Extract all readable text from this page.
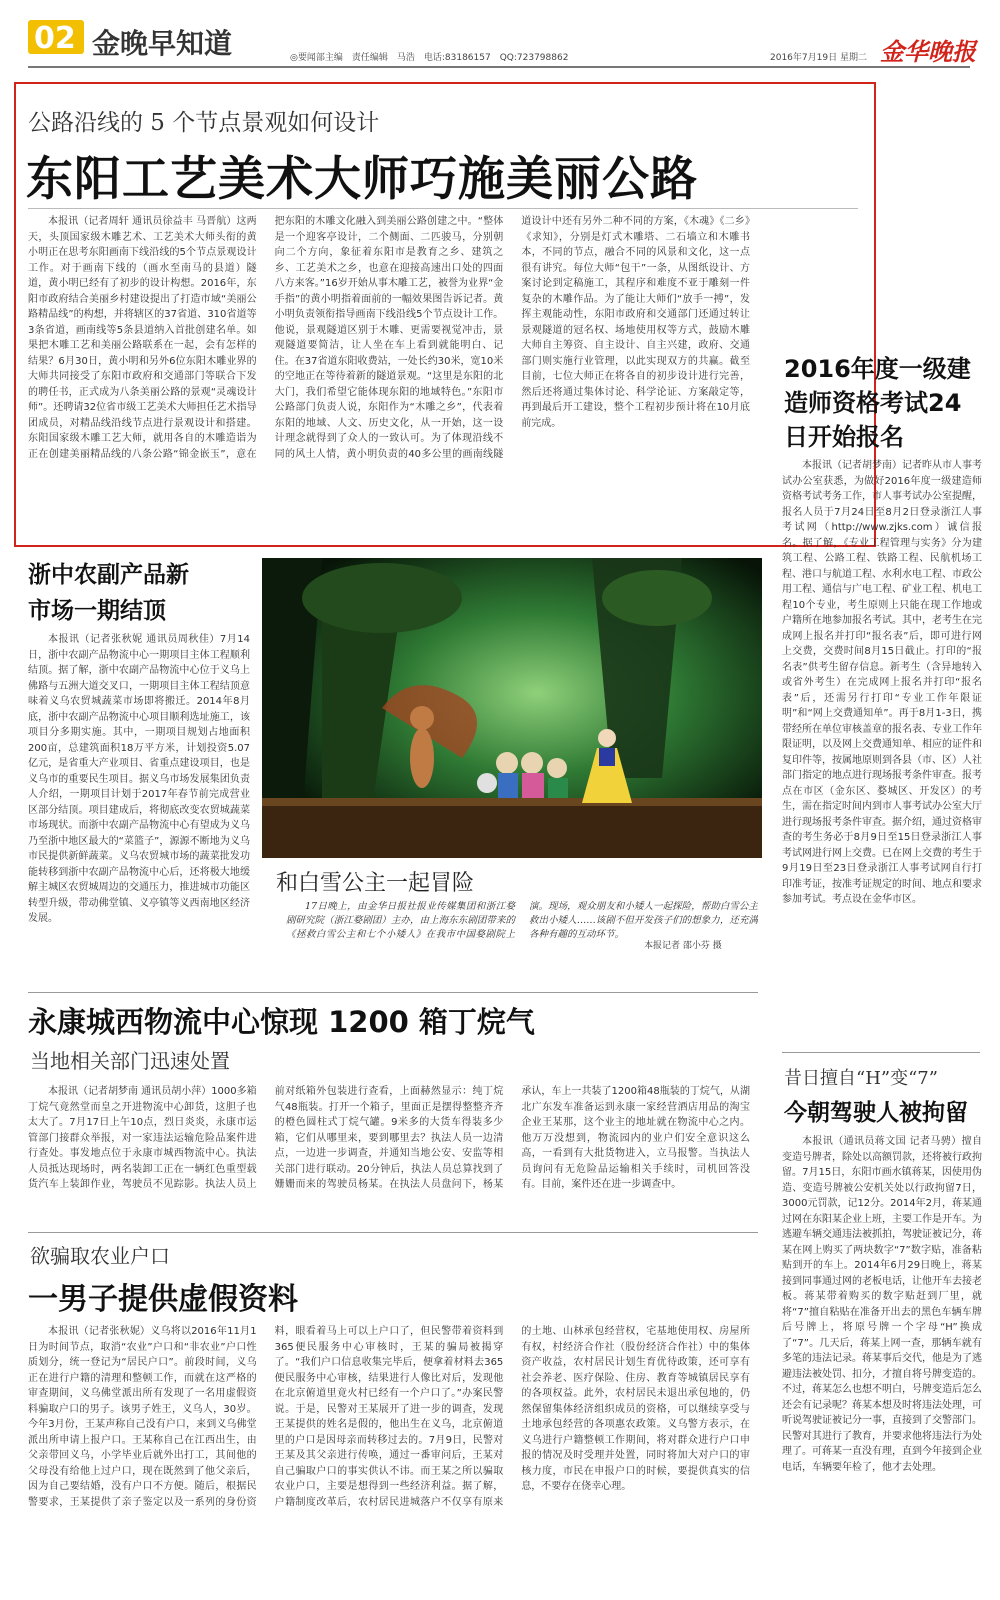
02 金晚早知道	◎要闻部主编　责任编辑　马浩　电话:83186157　QQ:723798862	2016年7月19日 星期二 金华晚报
公路沿线的 5 个节点景观如何设计
东阳工艺美术大师巧施美丽公路

本报讯（记者周轩 通讯员徐益丰 马晋航）这两天，头顶国家级木雕艺术、工艺美术大师头衔的黄小明正在思考东阳画南下线沿线的5个节点景观设计工作。对于画南下线的（画水至南马的县道）隧道，黄小明已经有了初步的设计构想。2016年，东阳市政府结合美丽乡村建设提出了打造市域“美丽公路精品线”的构想，并将辖区的37省道、310省道等3条省道，画南线等5条县道纳入首批创建名单。如果把木雕工艺和美丽公路联系在一起，会有怎样的结果？6月30日，黄小明和另外6位东阳木雕业界的大师共同接受了东阳市政府和交通部门等联合下发的聘任书，正式成为八条美丽公路的景观“灵魂设计师”。还聘请32位省市级工艺美术大师担任艺术指导团成员，对精品线沿线节点进行景观设计和搭建。东阳国家级木雕工艺大师，就用各自的木雕造诣为正在创建美丽精品线的八条公路“锦金嵌玉”，意在把东阳的木雕文化融入到美丽公路创建之中。“整体是一个迎客亭设计，二个侧面、二匹骏马，分别朝向二个方向，象征着东阳市是教育之乡、建筑之乡、工艺美术之乡，也意在迎接高速出口处的四面八方来客。”16岁开始从事木雕工艺，被誉为业界“金手指”的黄小明指着面前的一幅效果图告诉记者。黄小明负责领衔指导画南下线沿线5个节点设计工作。他说，景观隧道区别于木雕、更需要视觉冲击，景观隧道要简洁，让人坐在车上看到就能明白、记住。在37省道东阳收费站，一处长约30米，宽10米的空地正在等待着新的隧道景观。“这里是东阳的北大门，我们希望它能体现东阳的地域特色。”东阳市公路部门负责人说，东阳作为“木雕之乡”，代表着东阳的地域、人文、历史文化，从一开始，这一设计理念就得到了众人的一致认可。为了体现沿线不同的风土人情，黄小明负责的40多公里的画南线隧道设计中还有另外二种不同的方案，《木魂》《二乡》《求知》，分别是灯式木雕塔、二石墙立和木雕书本，不同的节点，融合不同的风景和文化，这一点很有讲究。每位大师“包干”一条，从图纸设计、方案讨论到定稿施工，其程序和难度不亚于雕刻一件复杂的木雕作品。为了能让大师们“放手一搏”，发挥主观能动性，东阳市政府和交通部门还通过转让景观隧道的冠名权、场地使用权等方式，鼓励木雕大师自主筹资、自主设计、自主兴建，政府、交通部门则实施行业管理，以此实现双方的共赢。截至目前，七位大师正在将各自的初步设计进行完善，然后还将通过集体讨论、科学论证、方案敲定等，再到最后开工建设，整个工程初步预计将在10月底前完成。

2016年度一级建造师资格考试24日开始报名

本报讯（记者胡梦南）记者昨从市人事考试办公室获悉，为做好2016年度一级建造师资格考试考务工作，市人事考试办公室提醒，报名人员于7月24日至8月2日登录浙江人事考试网（http://www.zjks.com）诚信报名。据了解，《专业工程管理与实务》分为建筑工程、公路工程、铁路工程、民航机场工程、港口与航道工程、水利水电工程、市政公用工程、通信与广电工程、矿业工程、机电工程10个专业，考生原则上只能在现工作地或户籍所在地参加报名考试。其中，老考生在完成网上报名并打印“报名表”后，即可进行网上交费，交费时间8月15日截止。打印的“报名表”供考生留存信息。新考生（含异地转入或省外考生）在完成网上报名并打印“报名表”后，还需另行打印“专业工作年限证明”和“网上交费通知单”。再于8月1-3日，携带经所在单位审核盖章的报名表、专业工作年限证明，以及网上交费通知单、相应的证件和复印件等，按属地原则到各县（市、区）人社部门指定的地点进行现场报考条件审查。报考点在市区（金东区、婺城区、开发区）的考生，需在指定时间内到市人事考试办公室大厅进行现场报考条件审查。据介绍，通过资格审查的考生务必于8月9日至15日登录浙江人事考试网进行网上交费。已在网上交费的考生于9月19日至23日登录浙江人事考试网自行打印准考证，按准考证规定的时间、地点和要求参加考试。考点设在金华市区。

浙中农副产品新市场一期结顶

本报讯（记者张秋妮 通讯员周秋佳）7月14日，浙中农副产品物流中心一期项目主体工程顺利结顶。据了解，浙中农副产品物流中心位于义乌上佛路与五洲大道交叉口，一期项目主体工程结顶意味着义乌农贸城蔬菜市场即将搬迁。2014年8月底，浙中农副产品物流中心项目顺利选址施工，该项目分多期实施。其中，一期项目规划占地面积200亩，总建筑面积18万平方米，计划投资5.07亿元，是省重大产业项目、省重点建设项目，也是义乌市的重要民生项目。据义乌市场发展集团负责人介绍，一期项目计划于2017年春节前完成营业区部分结顶。项目建成后，将彻底改变农贸城蔬菜市场现状。而浙中农副产品物流中心有望成为义乌乃至浙中地区最大的“菜篮子”，源源不断地为义乌市民提供新鲜蔬菜。义乌农贸城市场的蔬菜批发功能转移到浙中农副产品物流中心后，还将极大地缓解主城区农贸城周边的交通压力，推进城市功能区转型升级，带动佛堂镇、义亭镇等义西南地区经济发展。

和白雪公主一起冒险

17日晚上，由金华日报社报业传媒集团和浙江婺剧研究院（浙江婺剧团）主办，由上海东东剧团带来的《拯救白雪公主和七个小矮人》在我市中国婺剧院上演。现场，观众朋友和小矮人一起探险，帮助白雪公主救出小矮人……该剧不但开发孩子们的想象力，还充满各种有趣的互动环节。

本报记者 邵小芬 摄
永康城西物流中心惊现 1200 箱丁烷气
当地相关部门迅速处置

本报讯（记者胡梦南 通讯员胡小萍）1000多箱丁烷气竟然堂而皇之开进物流中心卸货，这胆子也太大了。7月17日上午10点，烈日炎炎，永康市运管部门接群众举报，对一家违法运输危险品案件进行查处。事发地点位于永康市城西物流中心。执法人员抵达现场时，两名装卸工正在一辆红色重型载货汽车上装卸作业，驾驶员不见踪影。执法人员上前对纸箱外包装进行查看，上面赫然显示：纯丁烷气48瓶装。打开一个箱子，里面正是摆得整整齐齐的橙色圆柱式丁烷气罐。9米多的大货车得装多少箱，它们从哪里来，要到哪里去？执法人员一边清点，一边进一步调查，并通知当地公安、安监等相关部门进行联动。20分钟后，执法人员总算找到了姗姗而来的驾驶员杨某。在执法人员盘问下，杨某承认，车上一共装了1200箱48瓶装的丁烷气，从湖北广东发车准备运到永康一家经营酒店用品的淘宝企业王某那，这个业主的地址就在物流中心之内。他万万没想到，物流园内的业户们安全意识这么高，一看到有大批货物进入，立马报警。当执法人员询问有无危险品运输相关手续时，司机回答没有。目前，案件还在进一步调查中。

欲骗取农业户口
一男子提供虚假资料

本报讯（记者张秋妮）义乌将以2016年11月1日为时间节点，取消“农业”户口和“非农业”户口性质划分，统一登记为“居民户口”。前段时间，义乌正在进行户籍的清理和整顿工作，而就在这严格的审查期间，义乌佛堂派出所有发现了一名用虚假资料骗取户口的男子。该男子姓王，义乌人，30岁。今年3月份，王某声称自己没有户口，来到义乌佛堂派出所申请上报户口。王某称自己在江西出生，由父亲带回义乌，小学毕业后就外出打工，其间他的父母没有给他上过户口，现在既然到了他父亲后，因为自己要结婚，没有户口不方便。随后，根据民警要求，王某提供了亲子鉴定以及一系列的身份资料，眼看着马上可以上户口了，但民警带着资料到365便民服务中心审核时，王某的骗局被揭穿了。“我们户口信息收集完毕后，便拿着材料去365便民服务中心审核，结果进行人像比对后，发现他在北京俯道里竟火村已经有一个户口了。”办案民警说。于是，民警对王某展开了进一步的调查，发现王某提供的姓名是假的，他出生在义乌，北京俯道里的户口是因母亲而转移过去的。7月9日，民警对王某及其父亲进行传唤，通过一番审问后，王某对自己骗取户口的事实供认不讳。而王某之所以骗取农业户口，主要是想得到一些经济利益。据了解，户籍制度改革后，农村居民进城落户不仅享有原来的土地、山林承包经营权，宅基地使用权、房屋所有权，村经济合作社（股份经济合作社）中的集体资产收益，农村居民计划生育优待政策，还可享有社会养老、医疗保险、住房、教育等城镇居民享有的各项权益。此外，农村居民未退出承包地的，仍然保留集体经济组织成员的资格，可以继续享受与土地承包经营的各项惠农政策。义乌警方表示，在义乌进行户籍整顿工作期间，将对群众进行户口申报的情况及时受理并处置，同时将加大对户口的审核力度，市民在申报户口的时候，要提供真实的信息，不要存在侥幸心理。

昔日擅自“H”变“7”
今朝驾驶人被拘留

本报讯（通讯员蒋文国 记者马骋）擅自变造号牌者，除处以高额罚款，还将被行政拘留。7月15日，东阳市画水镇蒋某，因使用伪造、变造号牌被公安机关处以行政拘留7日，3000元罚款，记12分。2014年2月，蒋某通过网在东阳某企业上班，主要工作是开车。为逃避车辆交通违法被抓拍，驾驶证被记分，蒋某在网上购买了两块数字“7”数字贴，准备粘贴到开的车上。2014年6月29日晚上，蒋某接到同事通过网的老板电话，让他开车去接老板。蒋某带着购买的数字贴赶到厂里，就将“7”擅自粘贴在准备开出去的黑色车辆车牌后号牌上，将原号牌一个字母“H”换成了“7”。几天后，蒋某上网一查，那辆车就有多笔的违法记录。蒋某事后交代，他是为了逃避违法被处罚、扣分，才擅自将号牌变造的。不过，蒋某怎么也想不明白，号牌变造后怎么还会有记录呢？蒋某本想及时将违法处理，可听说驾驶证被记分一事，直接到了交警部门。民警对其进行了教育，并要求他将违法行为处理了。可蒋某一直没有理，直到今年接到企业电话，车辆要年检了，他才去处理。
